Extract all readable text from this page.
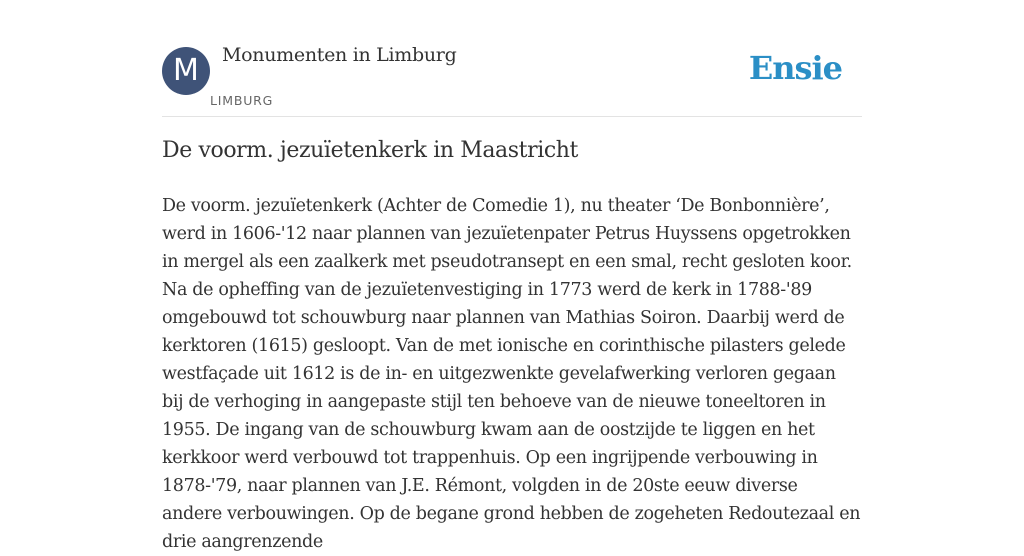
M	Monumenten in Limburg
LIMBURG
Ensie
De voorm. jezuïetenkerk in Maastricht

De voorm. jezuïetenkerk (Achter de Comedie 1), nu theater ‘De Bonbonnière’, werd in 1606-'12 naar plannen van jezuïetenpater Petrus Huyssens opgetrokken in mergel als een zaalkerk met pseudotransept en een smal, recht gesloten koor. Na de opheffing van de jezuïetenvestiging in 1773 werd de kerk in 1788-'89 omgebouwd tot schouwburg naar plannen van Mathias Soiron. Daarbij werd de kerktoren (1615) gesloopt. Van de met ionische en corinthische pilasters gelede westfaçade uit 1612 is de in- en uitgezwenkte gevelafwerking verloren gegaan bij de verhoging in aangepaste stijl ten behoeve van de nieuwe toneeltoren in 1955. De ingang van de schouwburg kwam aan de oostzijde te liggen en het kerkkoor werd verbouwd tot trappenhuis. Op een ingrijpende verbouwing in 1878-'79, naar plannen van J.E. Rémont, volgden in de 20ste eeuw diverse andere verbouwingen. Op de begane grond hebben de zogeheten Redoutezaal en drie aangrenzende
